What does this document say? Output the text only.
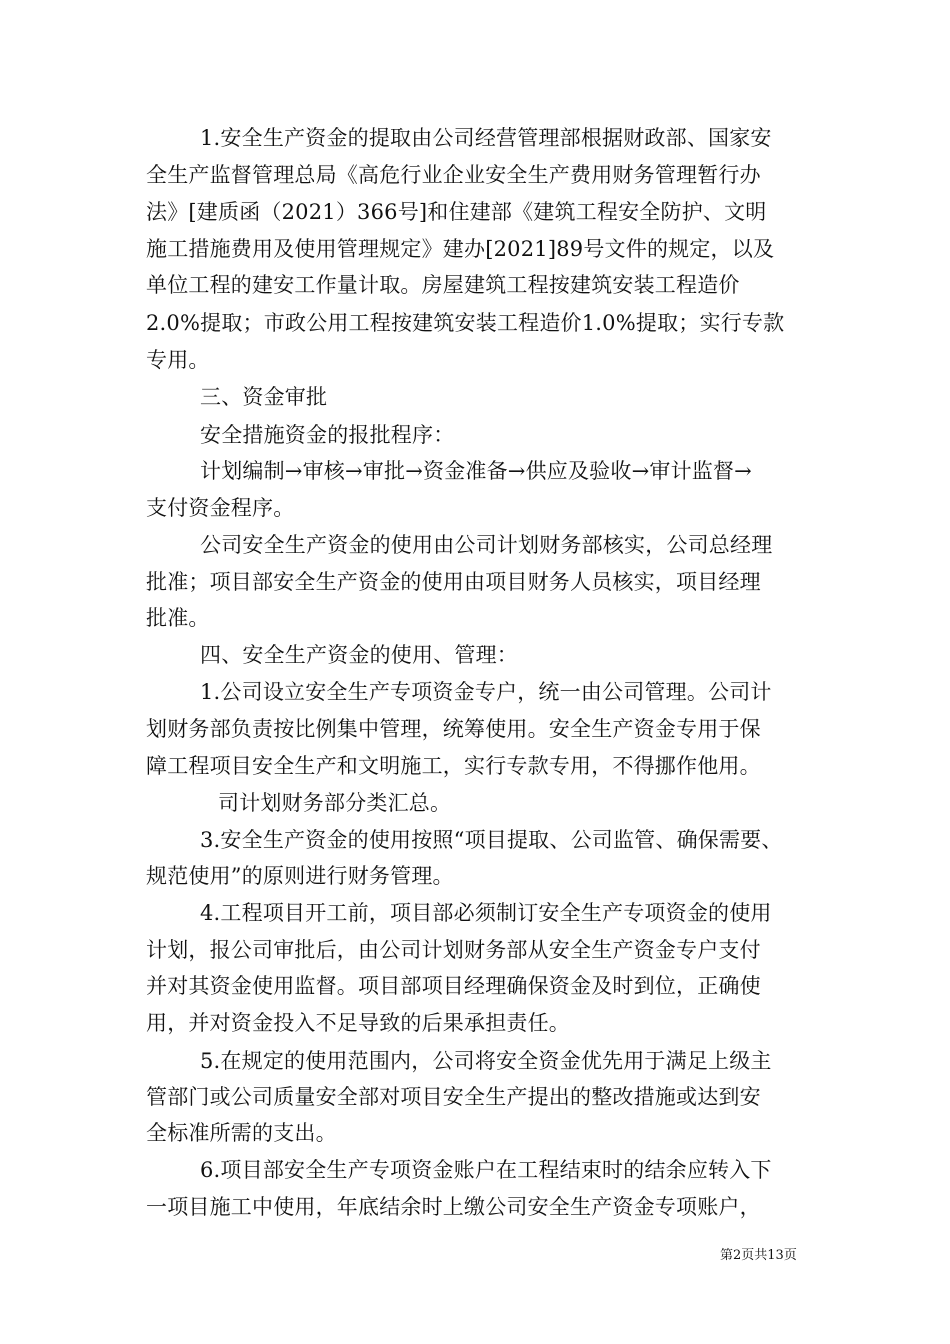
1.安全生产资金的提取由公司经营管理部根据财政部、国家安
全生产监督管理总局《高危行业企业安全生产费用财务管理暂行办
法》[建质函（2021）366号]和住建部《建筑工程安全防护、文明
施工措施费用及使用管理规定》建办[2021]89号文件的规定，以及
单位工程的建安工作量计取。房屋建筑工程按建筑安装工程造价
2.0%提取；市政公用工程按建筑安装工程造价1.0%提取；实行专款
专用。
三、资金审批
安全措施资金的报批程序：
计划编制→审核→审批→资金准备→供应及验收→审计监督→
支付资金程序。
公司安全生产资金的使用由公司计划财务部核实，公司总经理
批准；项目部安全生产资金的使用由项目财务人员核实，项目经理
批准。
四、安全生产资金的使用、管理：
1.公司设立安全生产专项资金专户，统一由公司管理。公司计
划财务部负责按比例集中管理，统筹使用。安全生产资金专用于保
障工程项目安全生产和文明施工，实行专款专用，不得挪作他用。
司计划财务部分类汇总。
3.安全生产资金的使用按照“项目提取、公司监管、确保需要、
规范使用”的原则进行财务管理。
4.工程项目开工前，项目部必须制订安全生产专项资金的使用
计划，报公司审批后，由公司计划财务部从安全生产资金专户支付
并对其资金使用监督。项目部项目经理确保资金及时到位，正确使
用，并对资金投入不足导致的后果承担责任。
5.在规定的使用范围内，公司将安全资金优先用于满足上级主
管部门或公司质量安全部对项目安全生产提出的整改措施或达到安
全标准所需的支出。
6.项目部安全生产专项资金账户在工程结束时的结余应转入下
一项目施工中使用，年底结余时上缴公司安全生产资金专项账户，
第2页共13页
